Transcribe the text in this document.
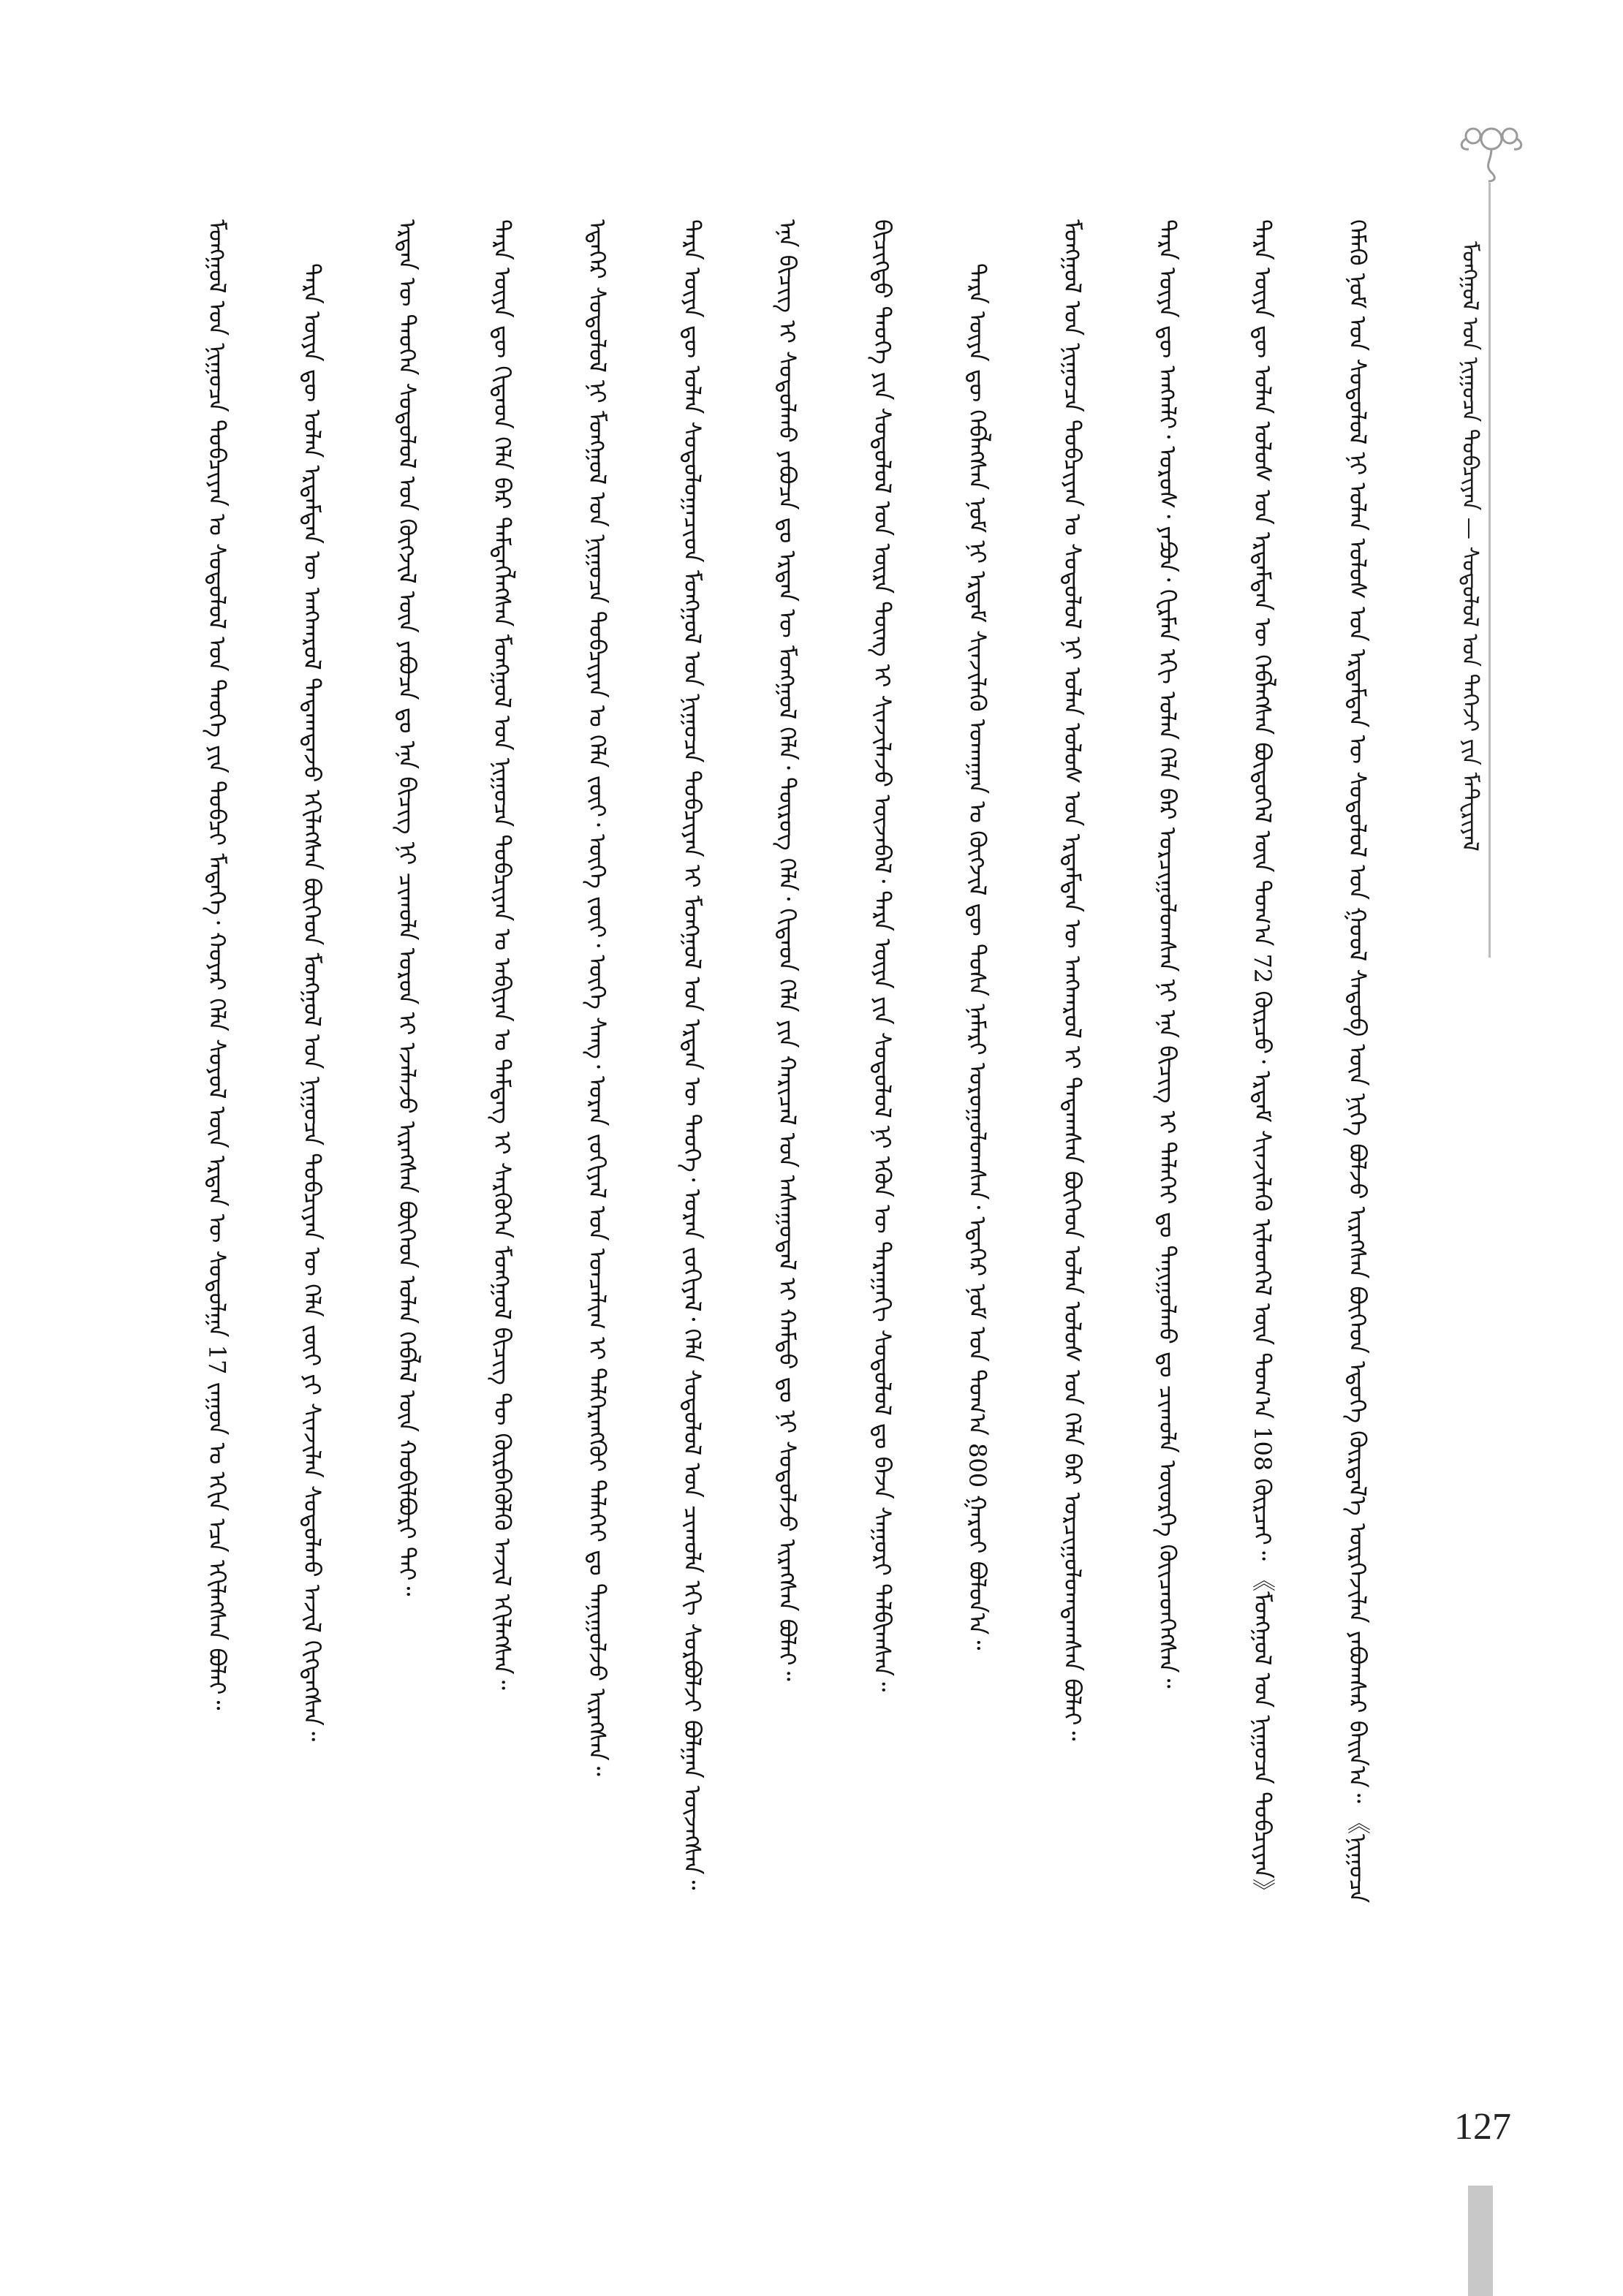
ᠮᠣᠩᠭᠣᠯ ᠤᠨ ᠨᠢᠭᠤᠴᠠ ᠲᠣᠪᠴᠢᠶᠠᠨ — ᠰᠤᠳᠤᠯᠤᠯ ᠤᠨ ᠳᠡᠭᠡᠵᠢ ᠶᠢᠨ ᠮᠠᠲ᠋ᠧᠷᠢᠶᠠᠯ
ᠮᠣᠩᠭᠣᠯ ᠤᠨ ᠨᠢᠭᠤᠴᠠ ᠲᠣᠪᠴᠢᠶᠠᠨ ᠤ ᠰᠤᠳᠤᠯᠤᠯ ᠤᠨ ᠲᠡᠦᠬᠡ ᠶᠢᠨ ᠲᠣᠪᠴᠢ ᠮᠡᠳᠡᠭᠡ᠂ ᠬᠣᠶᠠᠷ ᠬᠡᠯᠡ ᠰᠣᠶᠣᠯ ᠦᠨ ᠡᠷᠲᠡᠨ ᠦ ᠰᠤᠳᠤᠯᠭᠠ 17 ᠵᠠᠭᠤᠨ ᠤ ᠡᠬᠢᠨ ᠡᠴᠡ ᠡᠬᠢᠯᠡᠭᠰᠡᠨ ᠪᠣᠯᠠᠢ᠃	ᠲᠡᠷᠡ ᠦᠶᠡ ᠳᠦ ᠣᠯᠠᠨ ᠡᠷᠳᠡᠮᠲᠡᠨ ᠦ ᠠᠩᠬᠠᠷᠤᠯ ᠲᠠᠲᠠᠭᠳᠠᠵᠤ ᠡᠬᠢᠯᠡᠭᠰᠡᠨ ᠪᠥᠭᠡᠳ ᠮᠣᠩᠭᠣᠯ ᠤᠨ ᠨᠢᠭᠤᠴᠠ ᠲᠣᠪᠴᠢᠶᠠᠨ ᠦ ᠬᠡᠯᠡ ᠵᠦᠢ ᠶᠢ ᠰᠢᠨᠵᠢᠯᠡᠨ ᠰᠤᠳᠤᠯᠬᠤ ᠠᠵᠢᠯ ᠬᠢᠭᠳᠡᠭᠰᠡᠨ᠃	ᠡᠷᠲᠡᠨ ᠦ ᠲᠡᠦᠬᠡᠨ ᠰᠤᠳᠤᠯᠤᠯ ᠤᠨ ᠬᠥᠭᠵᠢᠯ ᠦᠨ ᠶᠠᠪᠤᠴᠠ ᠳᠤ ᠡᠨᠡ ᠪᠢᠴᠢᠭ ᠨᠢ ᠴᠢᠬᠤᠯᠠ ᠣᠷᠤᠨ ᠢ ᠡᠵᠡᠯᠡᠵᠦ ᠢᠷᠡᠭᠰᠡᠨ ᠪᠥᠭᠡᠳ ᠣᠯᠠᠨ ᠬᠡᠪᠯᠡᠯ ᠦᠨ ᠬᠤᠪᠢᠯᠪᠤᠷᠢ ᠲᠠᠢ᠃	ᠲᠡᠷᠡ ᠦᠶᠡ ᠳᠦ ᠬᠢᠲᠠᠳ ᠬᠡᠯᠡ ᠪᠡᠷ ᠲᠡᠮᠳᠡᠭᠯᠡᠭᠰᠡᠨ ᠮᠣᠩᠭᠣᠯ ᠤᠨ ᠨᠢᠭᠤᠴᠠ ᠲᠣᠪᠴᠢᠶᠠᠨ ᠤ ᠠᠪᠢᠶᠠᠨ ᠤ ᠲᠡᠮᠳᠡᠭ ᠢ ᠰᠡᠷᠭᠦᠭᠡᠨ ᠮᠣᠩᠭᠣᠯ ᠪᠢᠴᠢᠭ ᠲᠦ ᠬᠥᠷᠪᠡᠭᠦᠯᠬᠦ ᠠᠵᠢᠯ ᠡᠬᠢᠯᠡᠭᠰᠡᠨ᠃	ᠡᠳᠡᠭᠡᠷ ᠰᠤᠳᠤᠯᠤᠯ ᠨᠢ ᠮᠣᠩᠭᠣᠯ ᠤᠨ ᠨᠢᠭᠤᠴᠠ ᠲᠣᠪᠴᠢᠶᠠᠨ ᠤ ᠬᠡᠯᠡ ᠵᠦᠢ᠂ ᠦᠭᠡ ᠵᠦᠢ᠂ ᠦᠭᠡ ᠰᠠᠩ᠂ ᠤᠷᠠᠨ ᠵᠣᠬᠢᠶᠠᠯ ᠤᠨ ᠣᠨᠴᠠᠯᠢᠭ ᠢ ᠳᠡᠯᠭᠡᠷᠡᠩᠭᠦᠢ ᠳᠡᠯᠡᠬᠡᠢ ᠳᠤ ᠲᠠᠨᠢᠭᠤᠯᠵᠤ ᠢᠷᠡᠭᠰᠡᠨ᠃	ᠲᠡᠷᠡ ᠦᠶᠡ ᠳᠦ ᠣᠯᠠᠨ ᠰᠤᠳᠤᠯᠤᠭᠠᠴᠢᠳ ᠮᠣᠩᠭᠣᠯ ᠤᠨ ᠨᠢᠭᠤᠴᠠ ᠲᠣᠪᠴᠢᠶᠠᠨ ᠢ ᠮᠣᠩᠭᠣᠯ ᠤᠨ ᠡᠷᠲᠡᠨ ᠦ ᠲᠡᠦᠬᠡ᠂ ᠤᠷᠠᠨ ᠵᠣᠬᠢᠶᠠᠯ᠂ ᠬᠡᠯᠡ ᠰᠤᠳᠤᠯᠤᠯ ᠤᠨ ᠴᠢᠬᠤᠯᠠ ᠡᠬᠢ ᠰᠤᠷᠪᠤᠯᠵᠢ ᠪᠣᠯᠭᠠᠨ ᠦᠵᠡᠭᠰᠡᠨ᠃	ᠡᠨᠡ ᠪᠢᠴᠢᠭ ᠢ ᠰᠤᠳᠤᠯᠬᠤ ᠶᠠᠪᠤᠴᠠ ᠳᠤ ᠡᠷᠲᠡᠨ ᠦ ᠮᠣᠩᠭᠣᠯ ᠬᠡᠯᠡ᠂ ᠲᠦᠷᠦᠭ ᠬᠡᠯᠡ᠂ ᠬᠢᠲᠠᠳ ᠬᠡᠯᠡ ᠶᠢᠨ ᠬᠠᠷᠢᠴᠠᠯ ᠤᠨ ᠠᠰᠠᠭᠤᠳᠠᠯ ᠢ ᠬᠠᠮᠲᠤ ᠳᠤ ᠨᠢ ᠰᠤᠳᠤᠯᠵᠤ ᠢᠷᠡᠭᠰᠡᠨ ᠪᠣᠯᠠᠢ᠃	ᠪᠢᠴᠢᠭ᠌ᠲᠦ ᠲᠡᠦᠬᠡ ᠶᠢᠨ ᠰᠤᠳᠤᠯᠤᠯ ᠤᠨ ᠦᠷᠡ ᠳᠦᠩ ᠢ ᠰᠢᠨᠵᠢᠯᠡᠵᠦ ᠦᠵᠡᠪᠡᠯ᠂ ᠲᠡᠷᠡ ᠦᠶᠡ ᠶᠢᠨ ᠰᠤᠳᠤᠯᠤᠯ ᠨᠢ ᠡᠭᠦᠨ ᠦ ᠳᠠᠷᠠᠭᠠᠬᠢ ᠰᠤᠳᠤᠯᠤᠯ ᠳᠤ ᠪᠠᠵᠠ ᠰᠠᠭᠤᠷᠢ ᠲᠠᠯᠪᠢᠭᠰᠠᠨ᠃	ᠲᠡᠷᠡ ᠦᠶᠡ ᠳᠦ ᠬᠡᠪᠯᠡᠭᠰᠡᠨ ᠨᠣᠮ ᠨᠢ ᠡᠷᠳᠡᠮ ᠰᠢᠨᠵᠢᠯᠡᠬᠦ ᠤᠬᠠᠭᠠᠨ ᠤ ᠬᠥᠭᠵᠢᠯ ᠳᠦ ᠲᠤᠰᠠ ᠨᠡᠮᠡᠷᠢ ᠣᠷᠣᠭᠤᠯᠤᠭᠰᠠᠨ᠂ ᠡᠳᠡᠭᠡᠷ ᠨᠣᠮ ᠤᠨ ᠲᠣᠭ᠎ᠠ 800 ᠭᠠᠷᠤᠢ ᠪᠣᠯᠤᠨ᠎ᠠ᠃	ᠮᠣᠩᠭᠣᠯ ᠤᠨ ᠨᠢᠭᠤᠴᠠ ᠲᠣᠪᠴᠢᠶᠠᠨ ᠤ ᠰᠤᠳᠤᠯᠤᠯ ᠨᠢ ᠣᠯᠠᠨ ᠤᠯᠤᠰ ᠤᠨ ᠡᠷᠳᠡᠮᠲᠡᠨ ᠦ ᠠᠩᠬᠠᠷᠤᠯ ᠢ ᠲᠠᠲᠠᠭᠰᠠᠨ ᠪᠥᠭᠡᠳ ᠣᠯᠠᠨ ᠤᠯᠤᠰ ᠤᠨ ᠬᠡᠯᠡ ᠪᠡᠷ ᠣᠷᠴᠢᠭᠤᠯᠤᠭᠳᠠᠭᠰᠠᠨ ᠪᠣᠯᠠᠢ᠃	ᠲᠡᠷᠡ ᠦᠶᠡ ᠳᠦ ᠠᠩᠭ᠍ᠯᠢ᠂ ᠣᠷᠤᠰ᠂ ᠶᠠᠫᠣᠨ᠂ ᠭᠧᠷᠮᠠᠨ ᠡᠬᠢ ᠣᠯᠠᠨ ᠬᠡᠯᠡ ᠪᠡᠷ ᠣᠷᠴᠢᠭᠤᠯᠤᠭᠰᠠᠨ ᠨᠢ ᠡᠨᠡ ᠪᠢᠴᠢᠭ ᠢ ᠳᠡᠯᠡᠬᠡᠢ ᠳᠤ ᠲᠠᠨᠢᠭᠤᠯᠬᠤ ᠳᠤ ᠴᠢᠬᠤᠯᠠ ᠦᠦᠷᠭᠡ ᠭᠦᠢᠴᠡᠳᠭᠡᠭᠰᠡᠨ᠃	ᠲᠡᠷᠡ ᠦᠶᠡ ᠳᠦ ᠣᠯᠠᠨ ᠤᠯᠤᠰ ᠤᠨ ᠡᠷᠳᠡᠮᠲᠡᠨ ᠦ ᠬᠡᠪᠯᠡᠭᠰᠡᠨ ᠪᠦᠲᠦᠭᠡᠯ ᠦᠨ ᠲᠣᠭ᠎ᠠ 72 ᠬᠦᠷᠴᠦ᠂ ᠡᠷᠳᠡᠮ ᠰᠢᠨᠵᠢᠯᠡᠬᠦ ᠢᠯᠡᠳᠬᠡᠯ ᠦᠨ ᠲᠣᠭ᠎ᠠ 108 ᠬᠦᠷᠴᠡᠢ᠃ 《ᠮᠣᠩᠭᠣᠯ ᠤᠨ ᠨᠢᠭᠤᠴᠠ ᠲᠣᠪᠴᠢᠶᠠᠨ》	ᠬᠡᠮᠡᠬᠦ ᠨᠣᠮ ᠤᠨ ᠰᠤᠳᠤᠯᠤᠯ ᠨᠢ ᠣᠯᠠᠨ ᠤᠯᠤᠰ ᠤᠨ ᠡᠷᠳᠡᠮᠲᠡᠨ ᠦ ᠰᠤᠳᠤᠯᠤᠯ ᠤᠨ ᠭᠣᠣᠯ ᠰᠡᠳᠦᠪ ᠦᠨ ᠨᠢᠭᠡ ᠪᠣᠯᠵᠤ ᠢᠷᠡᠭᠰᠡᠨ ᠪᠥᠭᠡᠳ ᠡᠳᠦᠭᠡ ᠬᠦᠷᠲᠡᠯ᠎ᠡ ᠥᠷᠭᠡᠵᠢᠯᠡᠨ ᠶᠠᠪᠤᠭᠰᠠᠷ ᠪᠠᠢᠨ᠎ᠠ᠃ 《ᠨᠢᠭᠤᠴᠠ
127
